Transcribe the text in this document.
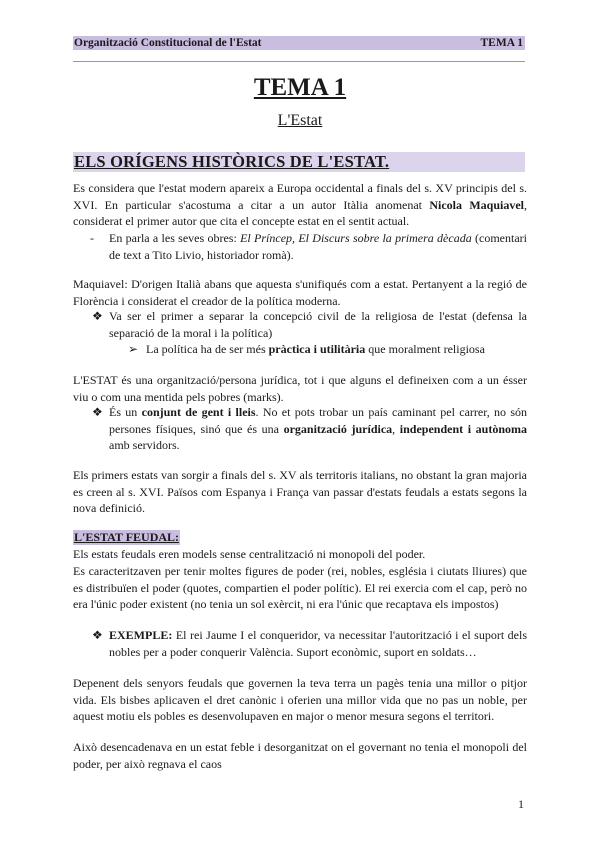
Organització Constitucional de l'Estat	TEMA 1
TEMA 1
L'Estat
ELS ORÍGENS HISTÒRICS DE L'ESTAT.
Es considera que l'estat modern apareix a Europa occidental a finals del s. XV principis del s. XVI. En particular s'acostuma a citar a un autor Itàlia anomenat Nicola Maquiavel, considerat el primer autor que cita el concepte estat en el sentit actual.
- En parla a les seves obres: El Príncep, El Discurs sobre la primera dècada (comentari de text a Tito Livio, historiador romà).
Maquiavel: D'origen Italià abans que aquesta s'unifiqués com a estat. Pertanyent a la regió de Florència i considerat el creador de la política moderna.
❖ Va ser el primer a separar la concepció civil de la religiosa de l'estat (defensa la separació de la moral i la política)
➢ La política ha de ser més pràctica i utilitària que moralment religiosa
L'ESTAT és una organització/persona jurídica, tot i que alguns el defineixen com a un ésser viu o com una mentida pels pobres (marks).
❖ És un conjunt de gent i lleis. No et pots trobar un país caminant pel carrer, no són persones físiques, sinó que és una organització jurídica, independent i autònoma amb servidors.
Els primers estats van sorgir a finals del s. XV als territoris italians, no obstant la gran majoria es creen al s. XVI. Països com Espanya i França van passar d'estats feudals a estats segons la nova definició.
L'ESTAT FEUDAL:
Els estats feudals eren models sense centralització ni monopoli del poder.
Es caracteritzaven per tenir moltes figures de poder (rei, nobles, església i ciutats lliures) que es distribuïen el poder (quotes, compartien el poder polític). El rei exercia com el cap, però no era l'únic poder existent (no tenia un sol exèrcit, ni era l'únic que recaptava els impostos)
❖ EXEMPLE: El rei Jaume I el conqueridor, va necessitar l'autorització i el suport dels nobles per a poder conquerir València. Suport econòmic, suport en soldats…
Depenent dels senyors feudals que governen la teva terra un pagès tenia una millor o pitjor vida. Els bisbes aplicaven el dret canònic i oferien una millor vida que no pas un noble, per aquest motiu els pobles es desenvolupaven en major o menor mesura segons el territori.
Això desencadenava en un estat feble i desorganitzat on el governant no tenia el monopoli del poder, per això regnava el caos
1
